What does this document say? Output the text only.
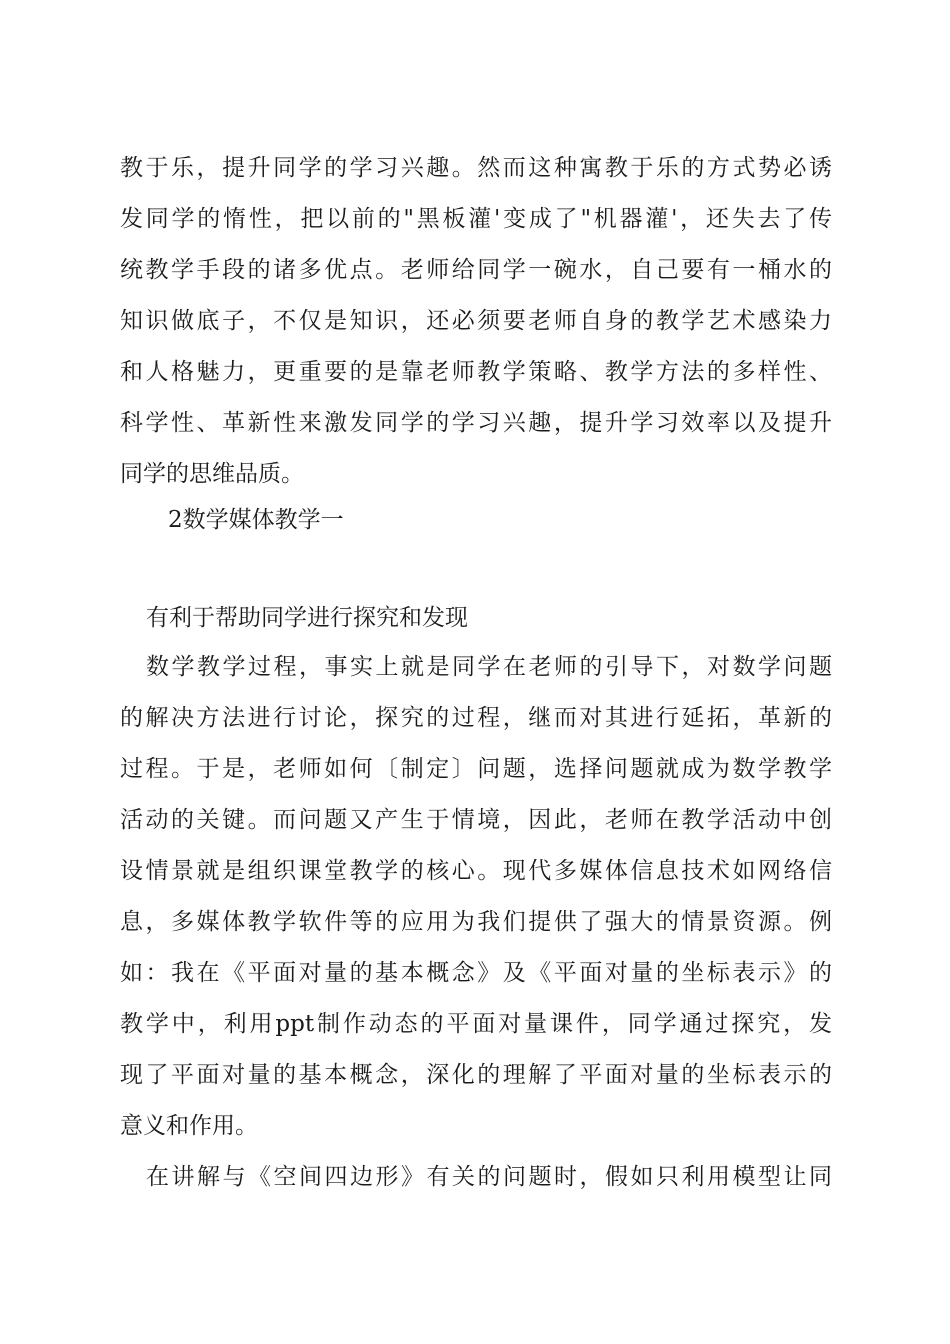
教于乐，提升同学的学习兴趣。然而这种寓教于乐的方式势必诱
发同学的惰性，把以前的"黑板灌'变成了"机器灌'，还失去了传
统教学手段的诸多优点。老师给同学一碗水，自己要有一桶水的
知识做底子，不仅是知识，还必须要老师自身的教学艺术感染力
和人格魅力，更重要的是靠老师教学策略、教学方法的多样性、
科学性、革新性来激发同学的学习兴趣，提升学习效率以及提升
同学的思维品质。
2数学媒体教学一
有利于帮助同学进行探究和发现
数学教学过程，事实上就是同学在老师的引导下，对数学问题
的解决方法进行讨论，探究的过程，继而对其进行延拓，革新的
过程。于是，老师如何〔制定〕问题，选择问题就成为数学教学
活动的关键。而问题又产生于情境，因此，老师在教学活动中创
设情景就是组织课堂教学的核心。现代多媒体信息技术如网络信
息，多媒体教学软件等的应用为我们提供了强大的情景资源。例
如：我在《平面对量的基本概念》及《平面对量的坐标表示》的
教学中，利用ppt制作动态的平面对量课件，同学通过探究，发
现了平面对量的基本概念，深化的理解了平面对量的坐标表示的
意义和作用。
在讲解与《空间四边形》有关的问题时，假如只利用模型让同
